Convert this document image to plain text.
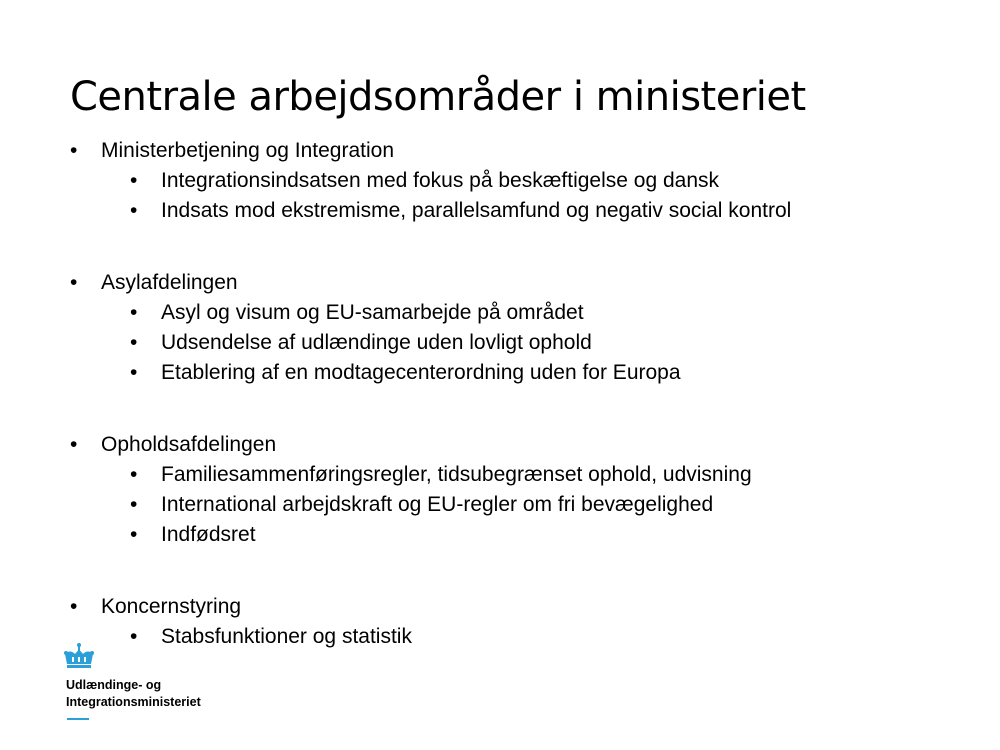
Centrale arbejdsområder i ministeriet
• Ministerbetjening og Integration
• Integrationsindsatsen med fokus på beskæftigelse og dansk
• Indsats mod ekstremisme, parallelsamfund og negativ social kontrol
• Asylafdelingen
• Asyl og visum og EU-samarbejde på området
• Udsendelse af udlændinge uden lovligt ophold
• Etablering af en modtagecenterordning uden for Europa
• Opholdsafdelingen
• Familiesammenføringsregler, tidsubegrænset ophold, udvisning
• International arbejdskraft og EU-regler om fri bevægelighed
• Indfødsret
• Koncernstyring
• Stabsfunktioner og statistik
Udlændinge- og
Integrationsministeriet
